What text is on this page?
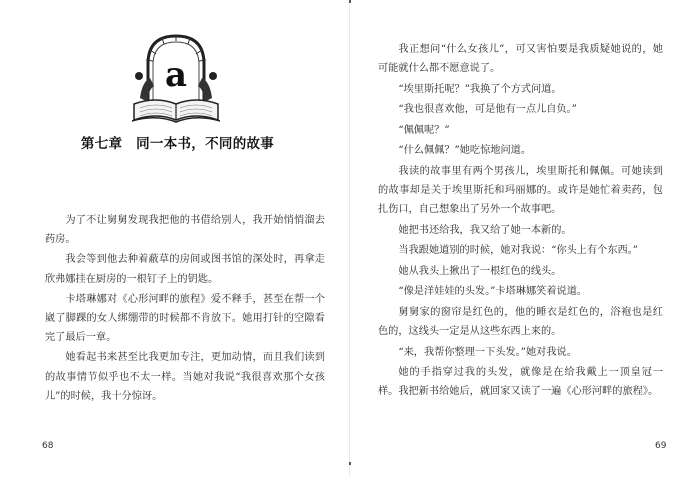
a
第七章　同一本书，不同的故事

为了不让舅舅发现我把他的书借给别人，我开始悄悄溜去药房。

我会等到他去种着蔽草的房间或图书馆的深处时，再拿走欣弗娜挂在厨房的一根钉子上的钥匙。

卡塔琳娜对《心形河畔的旅程》爱不释手，甚至在帮一个崴了脚踝的女人绑绷带的时候都不肯放下。她用打针的空隙看完了最后一章。

她看起书来甚至比我更加专注，更加动情，而且我们读到的故事情节似乎也不太一样。当她对我说“我很喜欢那个女孩儿”的时候，我十分惊讶。

68

我正想问“什么女孩儿”，可又害怕要是我质疑她说的，她可能就什么都不愿意说了。

“埃里斯托呢？”我换了个方式问道。

“我也很喜欢他，可是他有一点儿自负。”

“佩佩呢？”

“什么佩佩？”她吃惊地问道。

我读的故事里有两个男孩儿，埃里斯托和佩佩。可她读到的故事却是关于埃里斯托和玛丽娜的。或许是她忙着卖药，包扎伤口，自己想象出了另外一个故事吧。

她把书还给我，我又给了她一本新的。

当我跟她道别的时候，她对我说：“你头上有个东西。”

她从我头上揪出了一根红色的线头。

“像是洋娃娃的头发。”卡塔琳娜笑着说道。

舅舅家的窗帘是红色的，他的睡衣是红色的，浴袍也是红色的，这线头一定是从这些东西上来的。

“来，我帮你整理一下头发。”她对我说。

她的手指穿过我的头发，就像是在给我戴上一顶皇冠一样。我把新书给她后，就回家又读了一遍《心形河畔的旅程》。

69
